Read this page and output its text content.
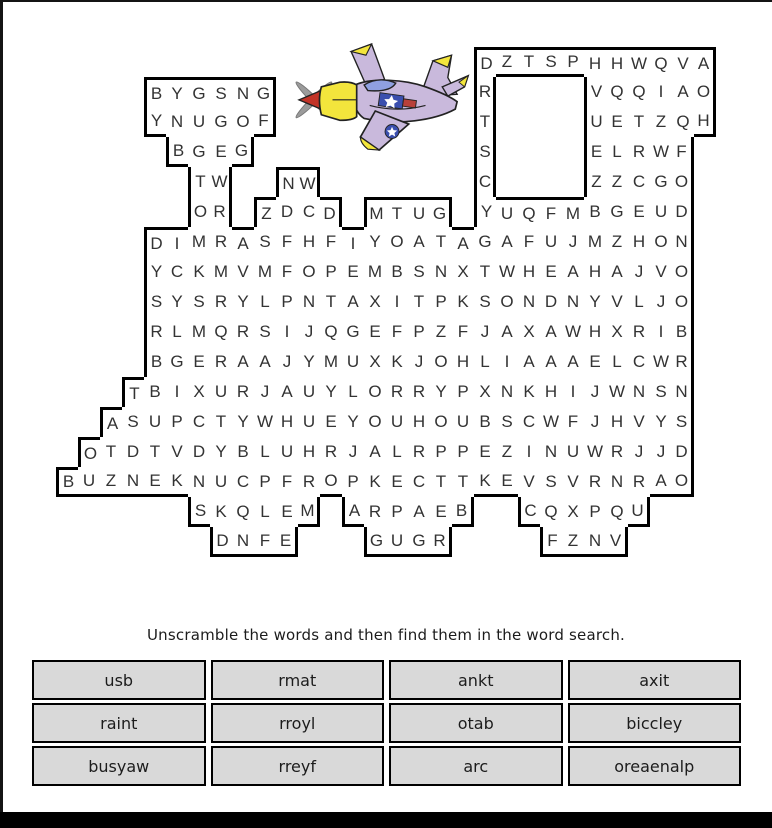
D Z T S P H H W Q V A
B Y G S N G	R	V Q Q I A O
Y N U G O F	T	U E T Z Q H
B G E G	S	E L R W F
T W	N W	C	Z Z C G O
O R	Z D C D	M T U G	Y U Q F M B G E U D
D I M R A S F H F I Y O A T A G A F U J M Z H O N
Y C K M V M F O P E M B S N X T W H E A H A J V O
S Y S R Y L P N T A X I T P K S O N D N Y V L J O
R L M Q R S I J Q G E F P Z F J A X A W H X R I B
B G E R A A J Y M U X K J O H L I A A A E L C W R
T B I X U R J A U Y L O R R Y P X N K H I J W N S N
A S U P C T Y W H U E Y O U H O U B S C W F J H V Y S
O T D T V D Y B L U H R J A L R P P E Z I N U W R J J D
B U Z N E K N U C P F R O P K E C T T K E V S V R N R A O
S K Q L E M	A R P A E B	C Q X P Q U
D N F E	G U G R	F Z N V

Unscramble the words and then find them in the word search.

usb	rmat	ankt	axit
raint	rroyl	otab	biccley
busyaw	rreyf	arc	oreaenalp
